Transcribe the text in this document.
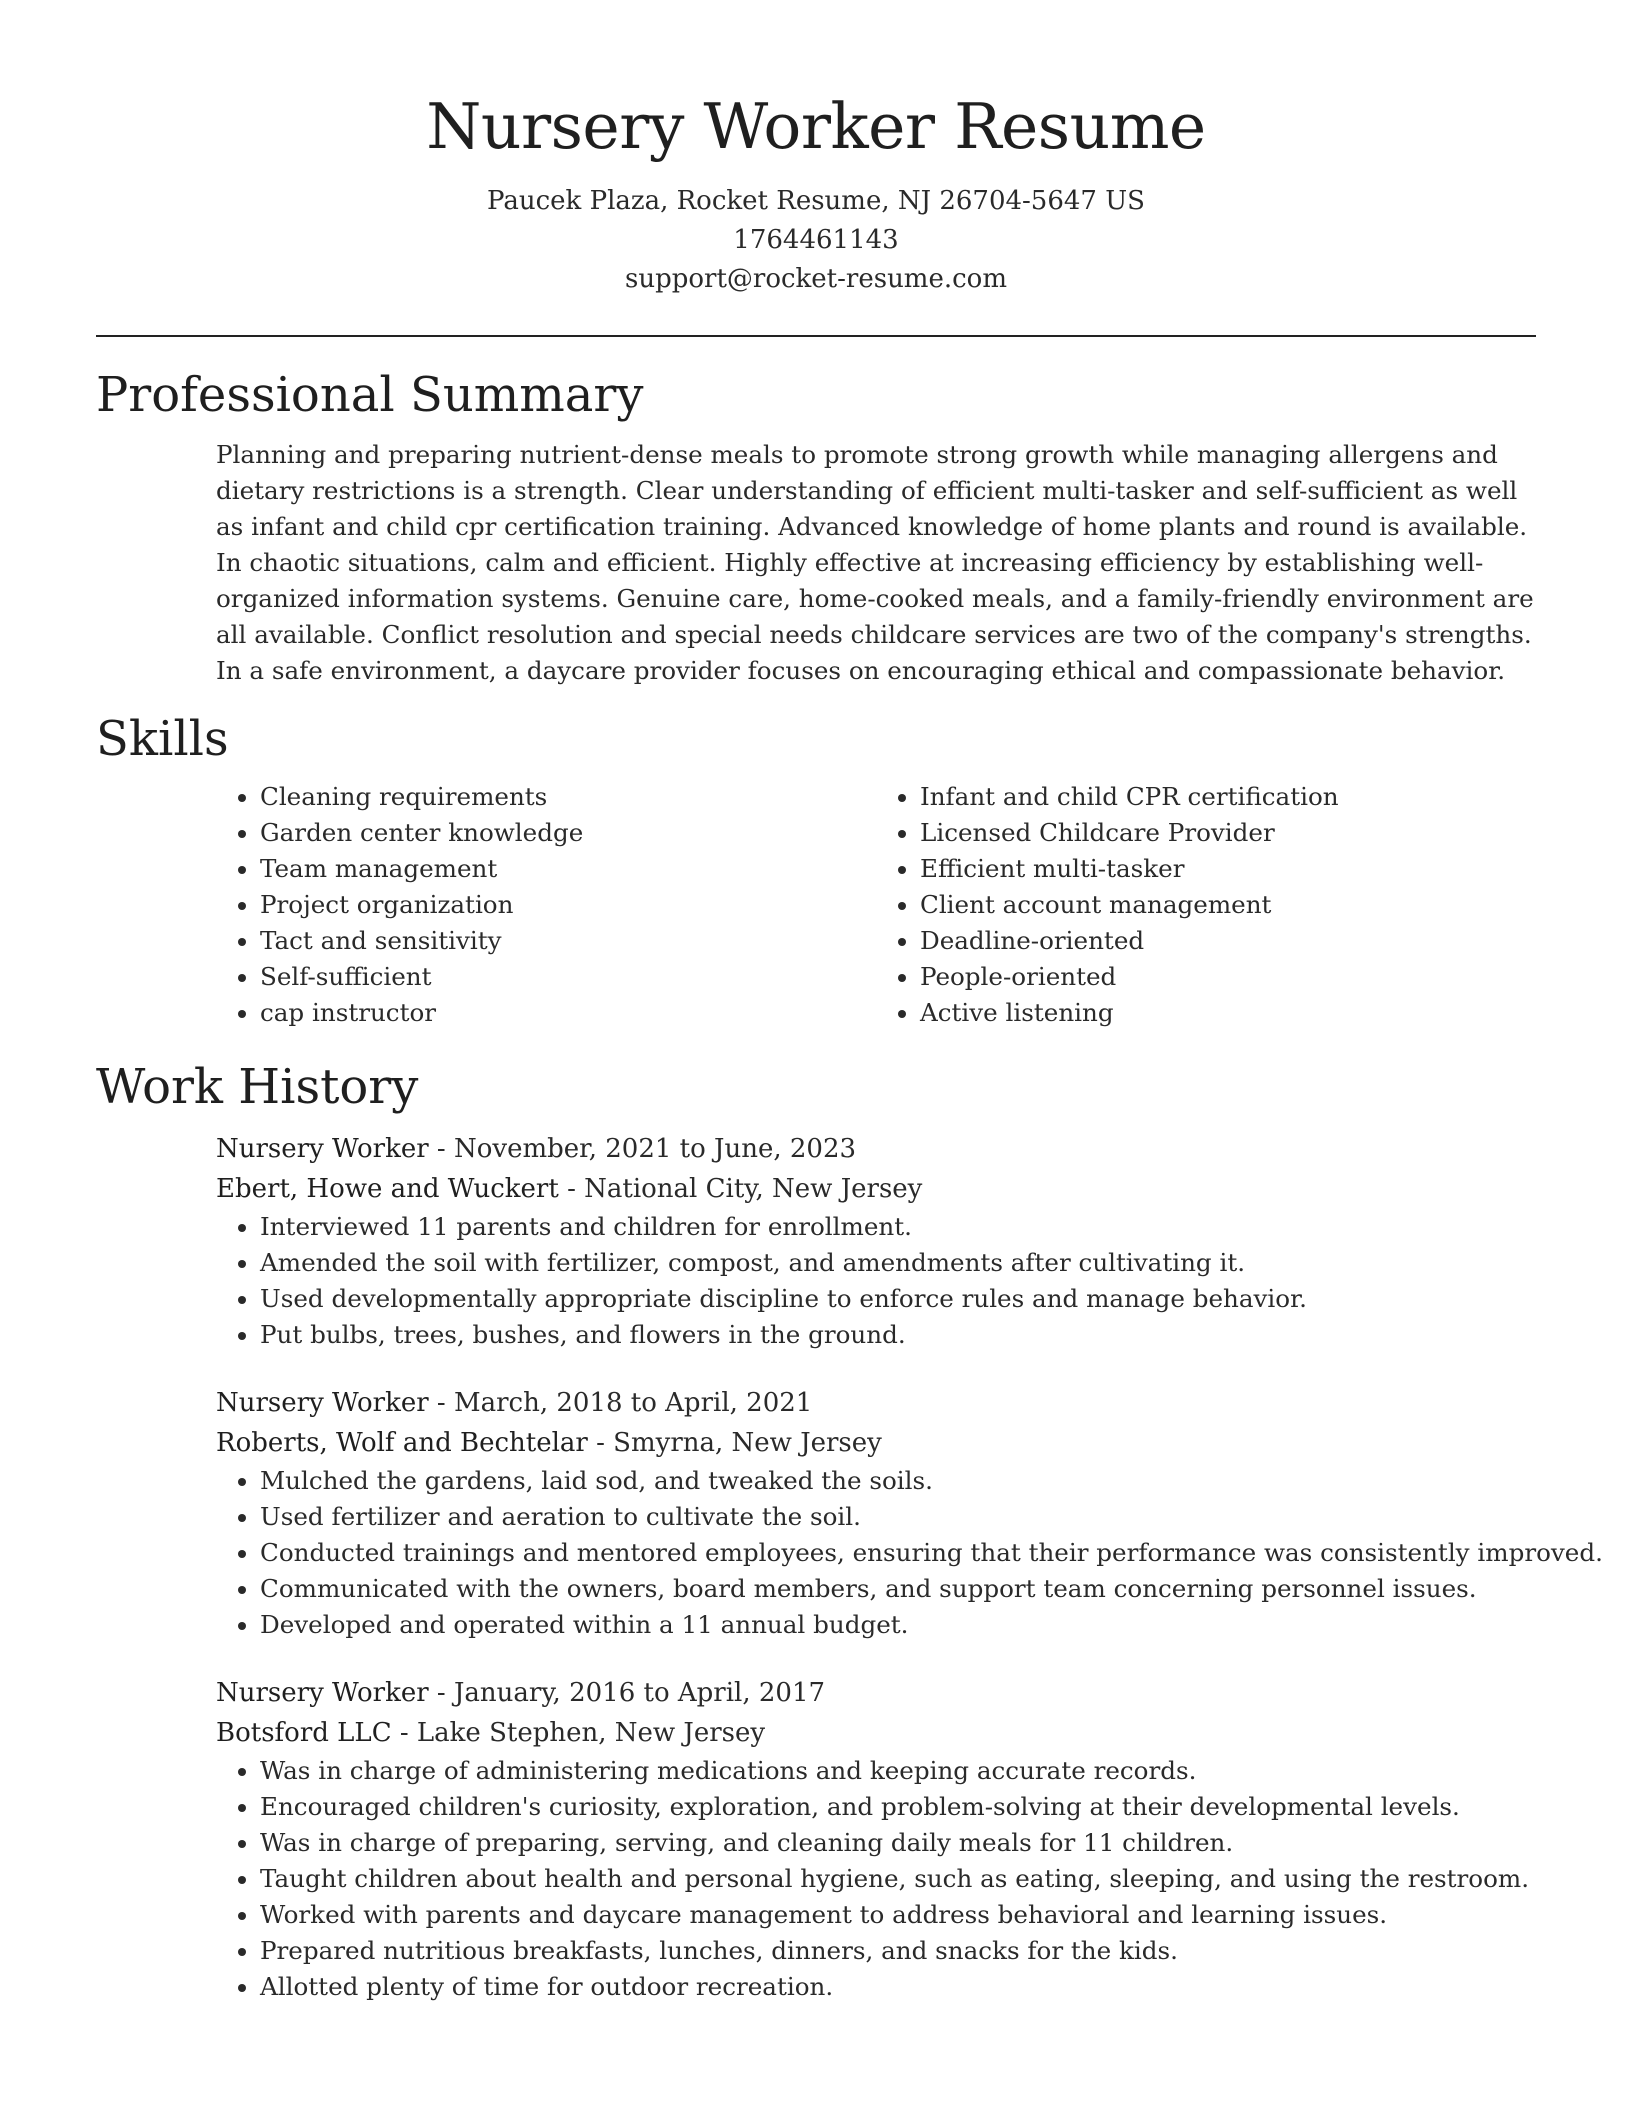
Nursery Worker Resume
Paucek Plaza, Rocket Resume, NJ 26704-5647 US
1764461143
support@rocket-resume.com
Professional Summary

Planning and preparing nutrient-dense meals to promote strong growth while managing allergens and dietary restrictions is a strength. Clear understanding of efficient multi-tasker and self-sufficient as well as infant and child cpr certification training. Advanced knowledge of home plants and round is available. In chaotic situations, calm and efficient. Highly effective at increasing efficiency by establishing well-organized information systems. Genuine care, home-cooked meals, and a family-friendly environment are all available. Conflict resolution and special needs childcare services are two of the company's strengths. In a safe environment, a daycare provider focuses on encouraging ethical and compassionate behavior.

Skills
• Cleaning requirements
• Garden center knowledge
• Team management
• Project organization
• Tact and sensitivity
• Self-sufficient
• cap instructor
• Infant and child CPR certification
• Licensed Childcare Provider
• Efficient multi-tasker
• Client account management
• Deadline-oriented
• People-oriented
• Active listening
Work History
Nursery Worker - November, 2021 to June, 2023
Ebert, Howe and Wuckert - National City, New Jersey
• Interviewed 11 parents and children for enrollment.
• Amended the soil with fertilizer, compost, and amendments after cultivating it.
• Used developmentally appropriate discipline to enforce rules and manage behavior.
• Put bulbs, trees, bushes, and flowers in the ground.
Nursery Worker - March, 2018 to April, 2021
Roberts, Wolf and Bechtelar - Smyrna, New Jersey
• Mulched the gardens, laid sod, and tweaked the soils.
• Used fertilizer and aeration to cultivate the soil.
• Conducted trainings and mentored employees, ensuring that their performance was consistently improved.
• Communicated with the owners, board members, and support team concerning personnel issues.
• Developed and operated within a 11 annual budget.
Nursery Worker - January, 2016 to April, 2017
Botsford LLC - Lake Stephen, New Jersey
• Was in charge of administering medications and keeping accurate records.
• Encouraged children's curiosity, exploration, and problem-solving at their developmental levels.
• Was in charge of preparing, serving, and cleaning daily meals for 11 children.
• Taught children about health and personal hygiene, such as eating, sleeping, and using the restroom.
• Worked with parents and daycare management to address behavioral and learning issues.
• Prepared nutritious breakfasts, lunches, dinners, and snacks for the kids.
• Allotted plenty of time for outdoor recreation.
